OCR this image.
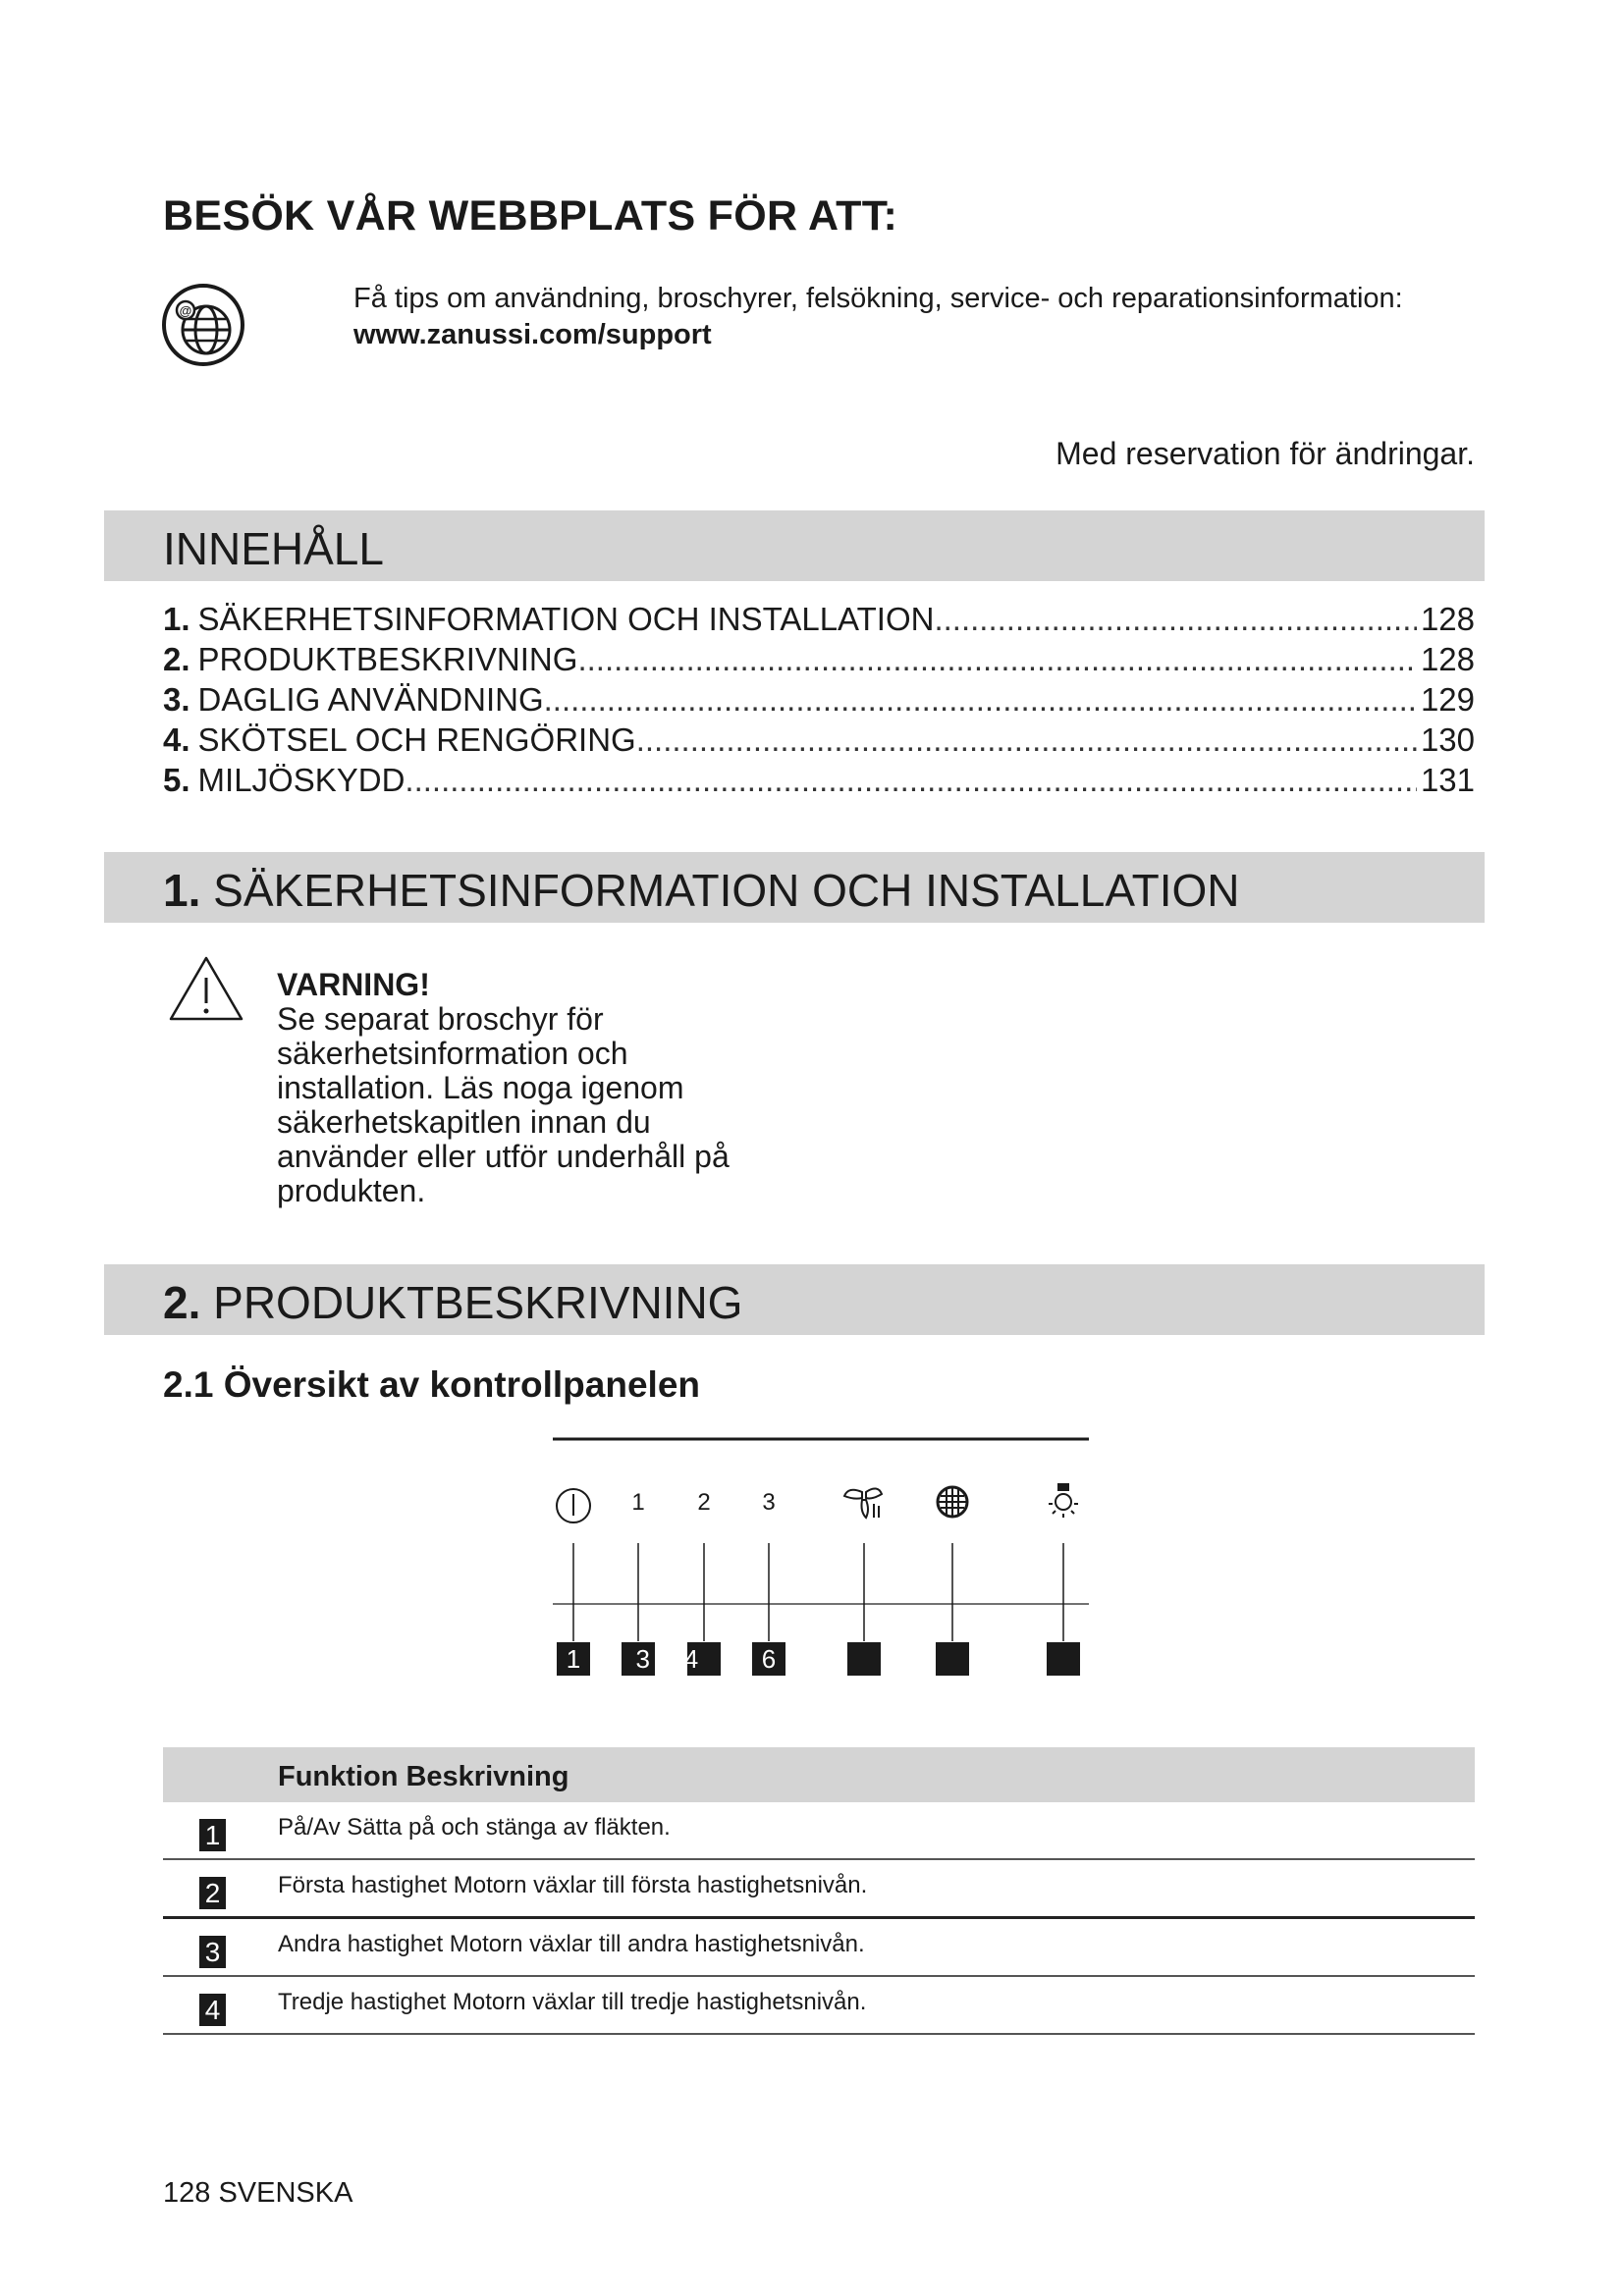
BESÖK VÅR WEBBPLATS FÖR ATT:
@	Få tips om användning, broschyrer, felsökning, service- och reparationsinformation:
www.zanussi.com/support
Med reservation för ändringar.
INNEHÅLL
1. SÄKERHETSINFORMATION OCH INSTALLATION .....	128
2. PRODUKTBESKRIVNING .....	128
3. DAGLIG ANVÄNDNING .....	129
4. SKÖTSEL OCH RENGÖRING .....	130
5. MILJÖSKYDD .....	131
1. SÄKERHETSINFORMATION OCH INSTALLATION
VARNING!
Se separat broschyr för
säkerhetsinformation och
installation. Läs noga igenom
säkerhetskapitlen innan du
använder eller utför underhåll på
produkten.
2. PRODUKTBESKRIVNING
2.1 Översikt av kontrollpanelen
1 2 3
1 3 4 6
Funktion Beskrivning
1 På/Av Sätta på och stänga av fläkten.
2 Första hastighet Motorn växlar till första hastighetsnivån.
3 Andra hastighet Motorn växlar till andra hastighetsnivån.
4 Tredje hastighet Motorn växlar till tredje hastighetsnivån.
128 SVENSKA
